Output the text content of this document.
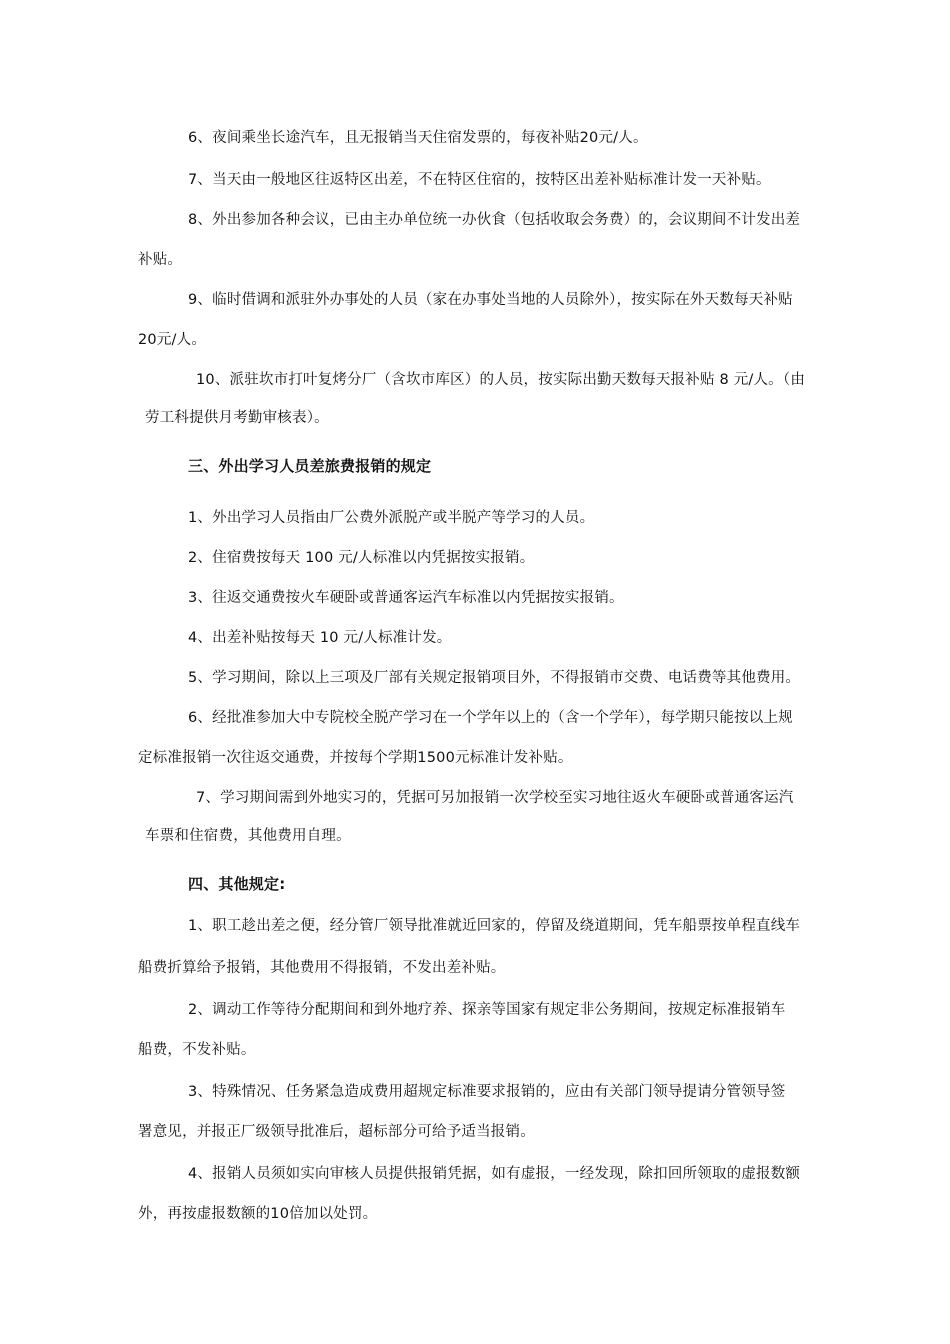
6、夜间乘坐长途汽车，且无报销当天住宿发票的，每夜补贴20元/人。
7、当天由一般地区往返特区出差，不在特区住宿的，按特区出差补贴标准计发一天补贴。
8、外出参加各种会议，已由主办单位统一办伙食（包括收取会务费）的，会议期间不计发出差
补贴。
9、临时借调和派驻外办事处的人员（家在办事处当地的人员除外），按实际在外天数每天补贴
20元/人。
10、派驻坎市打叶复烤分厂（含坎市库区）的人员，按实际出勤天数每天报补贴 8 元/人。（由
劳工科提供月考勤审核表）。
三、外出学习人员差旅费报销的规定
1、外出学习人员指由厂公费外派脱产或半脱产等学习的人员。
2、住宿费按每天 100 元/人标准以内凭据按实报销。
3、往返交通费按火车硬卧或普通客运汽车标准以内凭据按实报销。
4、出差补贴按每天 10 元/人标准计发。
5、学习期间，除以上三项及厂部有关规定报销项目外，不得报销市交费、电话费等其他费用。
6、经批准参加大中专院校全脱产学习在一个学年以上的（含一个学年），每学期只能按以上规
定标准报销一次往返交通费，并按每个学期1500元标准计发补贴。
7、学习期间需到外地实习的，凭据可另加报销一次学校至实习地往返火车硬卧或普通客运汽
车票和住宿费，其他费用自理。
四、其他规定:
1、职工趁出差之便，经分管厂领导批准就近回家的，停留及绕道期间，凭车船票按单程直线车
船费折算给予报销，其他费用不得报销，不发出差补贴。
2、调动工作等待分配期间和到外地疗养、探亲等国家有规定非公务期间，按规定标准报销车
船费，不发补贴。
3、特殊情况、任务紧急造成费用超规定标准要求报销的，应由有关部门领导提请分管领导签
署意见，并报正厂级领导批准后，超标部分可给予适当报销。
4、报销人员须如实向审核人员提供报销凭据，如有虚报，一经发现，除扣回所领取的虚报数额
外，再按虚报数额的10倍加以处罚。
